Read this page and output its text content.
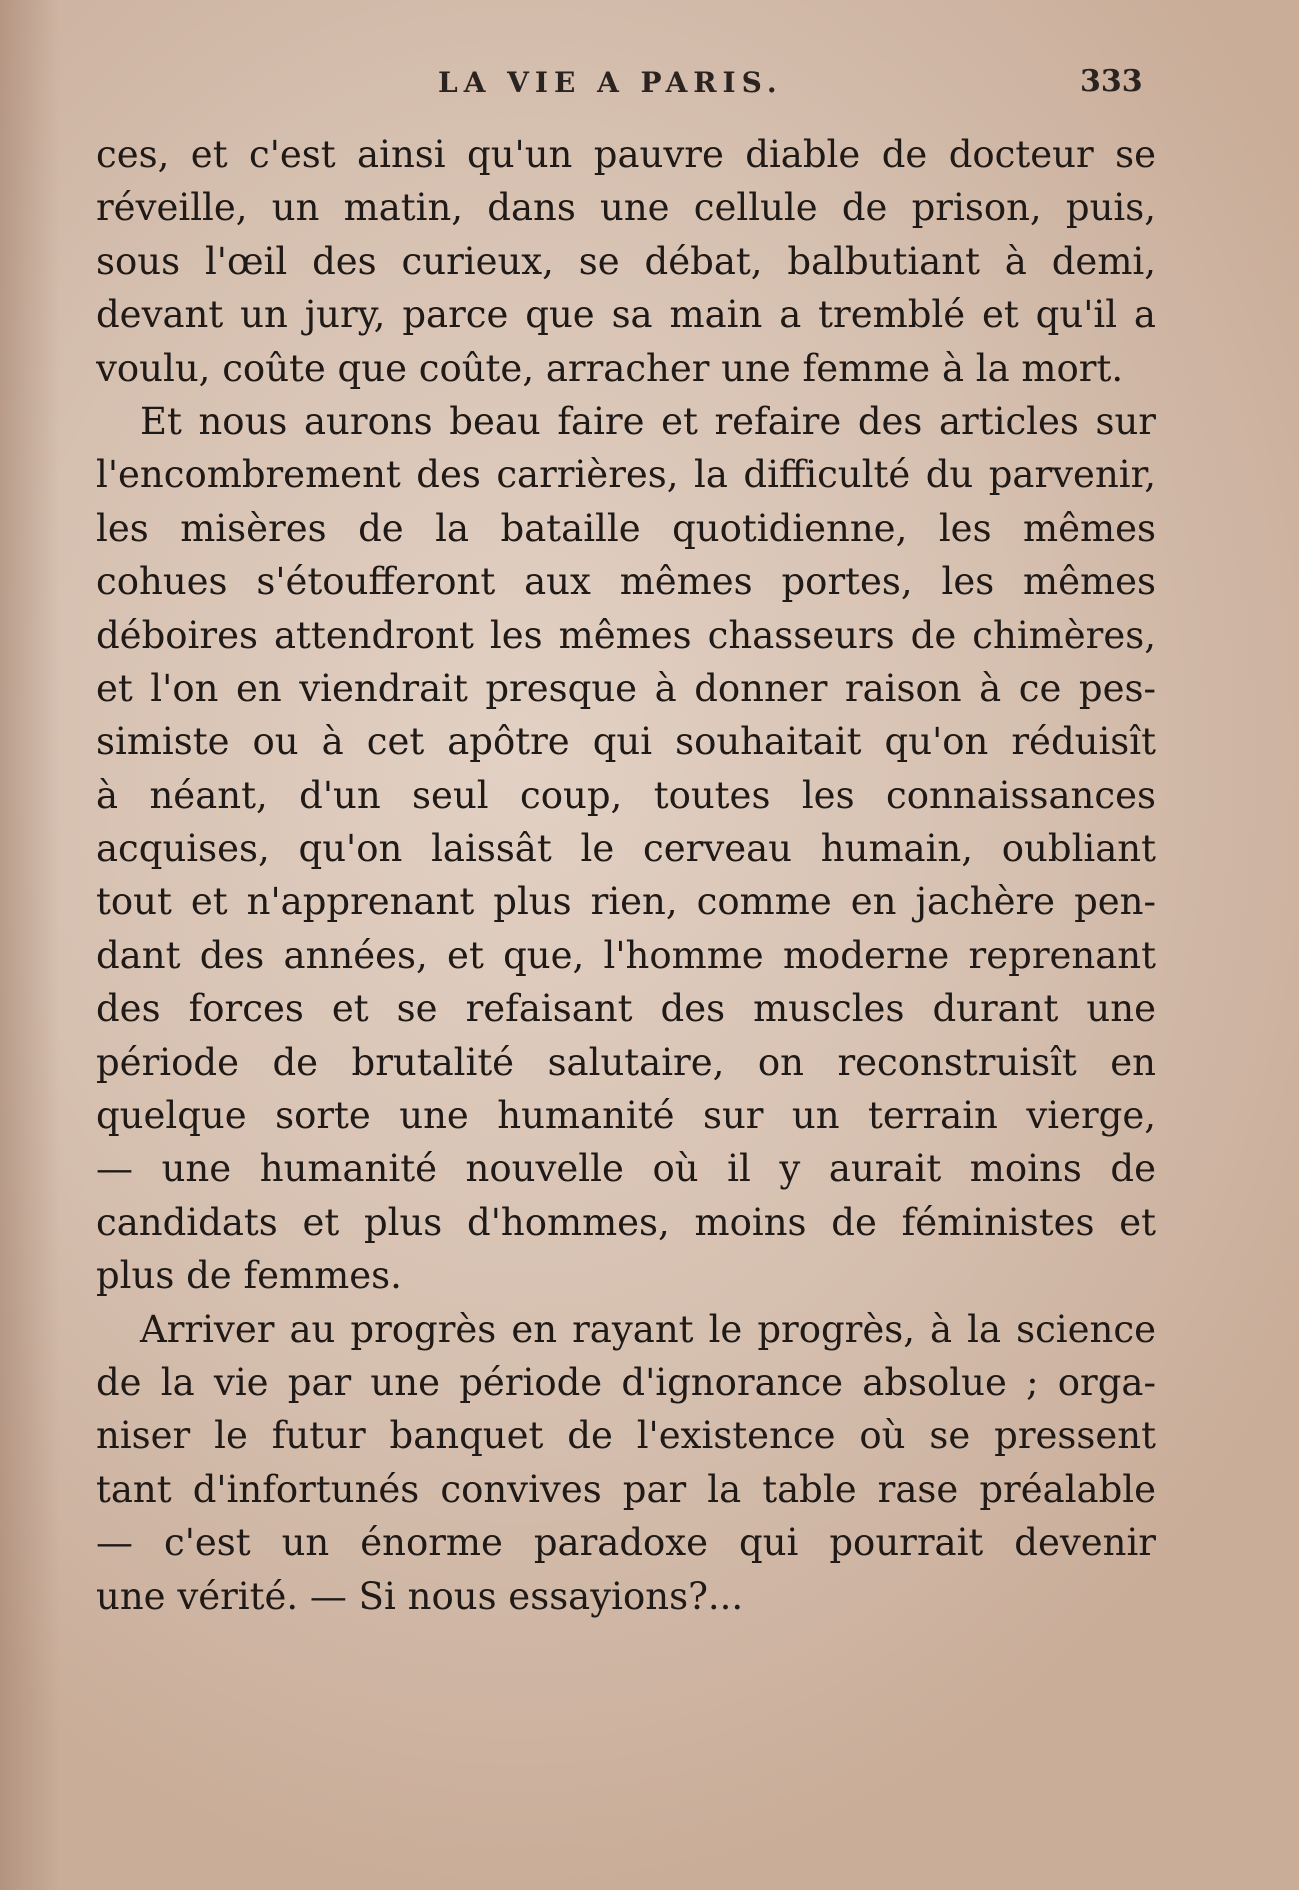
LA VIE A PARIS.	333
ces, et c'est ainsi qu'un pauvre diable de docteur se
réveille, un matin, dans une cellule de prison, puis,
sous l'œil des curieux, se débat, balbutiant à demi,
devant un jury, parce que sa main a tremblé et qu'il a
voulu, coûte que coûte, arracher une femme à la mort.
Et nous aurons beau faire et refaire des articles sur
l'encombrement des carrières, la difficulté du parvenir,
les misères de la bataille quotidienne, les mêmes
cohues s'étoufferont aux mêmes portes, les mêmes
déboires attendront les mêmes chasseurs de chimères,
et l'on en viendrait presque à donner raison à ce pes-
simiste ou à cet apôtre qui souhaitait qu'on réduisît
à néant, d'un seul coup, toutes les connaissances
acquises, qu'on laissât le cerveau humain, oubliant
tout et n'apprenant plus rien, comme en jachère pen-
dant des années, et que, l'homme moderne reprenant
des forces et se refaisant des muscles durant une
période de brutalité salutaire, on reconstruisît en
quelque sorte une humanité sur un terrain vierge,
— une humanité nouvelle où il y aurait moins de
candidats et plus d'hommes, moins de féministes et
plus de femmes.
Arriver au progrès en rayant le progrès, à la science
de la vie par une période d'ignorance absolue ; orga-
niser le futur banquet de l'existence où se pressent
tant d'infortunés convives par la table rase préalable
— c'est un énorme paradoxe qui pourrait devenir
une vérité. — Si nous essayions?...
